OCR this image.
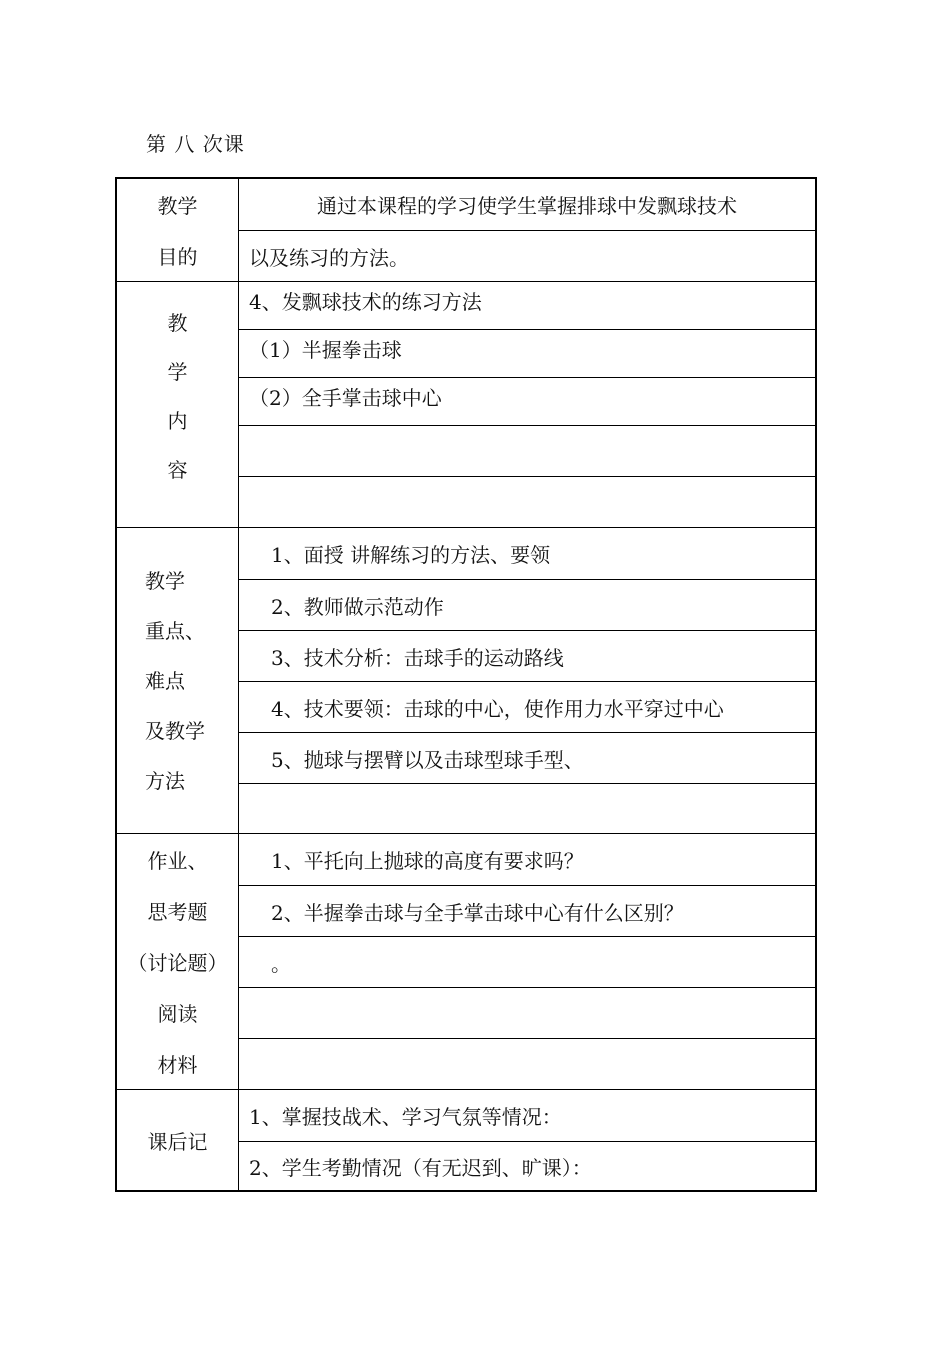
第 八 次课
教学
目的
通过本课程的学习使学生掌握排球中发飘球技术
以及练习的方法。
教
学
内
容
4、发飘球技术的练习方法
（1）半握拳击球
（2）全手掌击球中心
教学
重点、
难点
及教学
方法
1、面授 讲解练习的方法、要领
2、教师做示范动作
3、技术分析：击球手的运动路线
4、技术要领：击球的中心，使作用力水平穿过中心
5、抛球与摆臂以及击球型球手型、
作业、
思考题
（讨论题）
阅读
材料
1、平托向上抛球的高度有要求吗？
2、半握拳击球与全手掌击球中心有什么区别？
。
课后记
1、掌握技战术、学习气氛等情况：
2、学生考勤情况（有无迟到、旷课）：
